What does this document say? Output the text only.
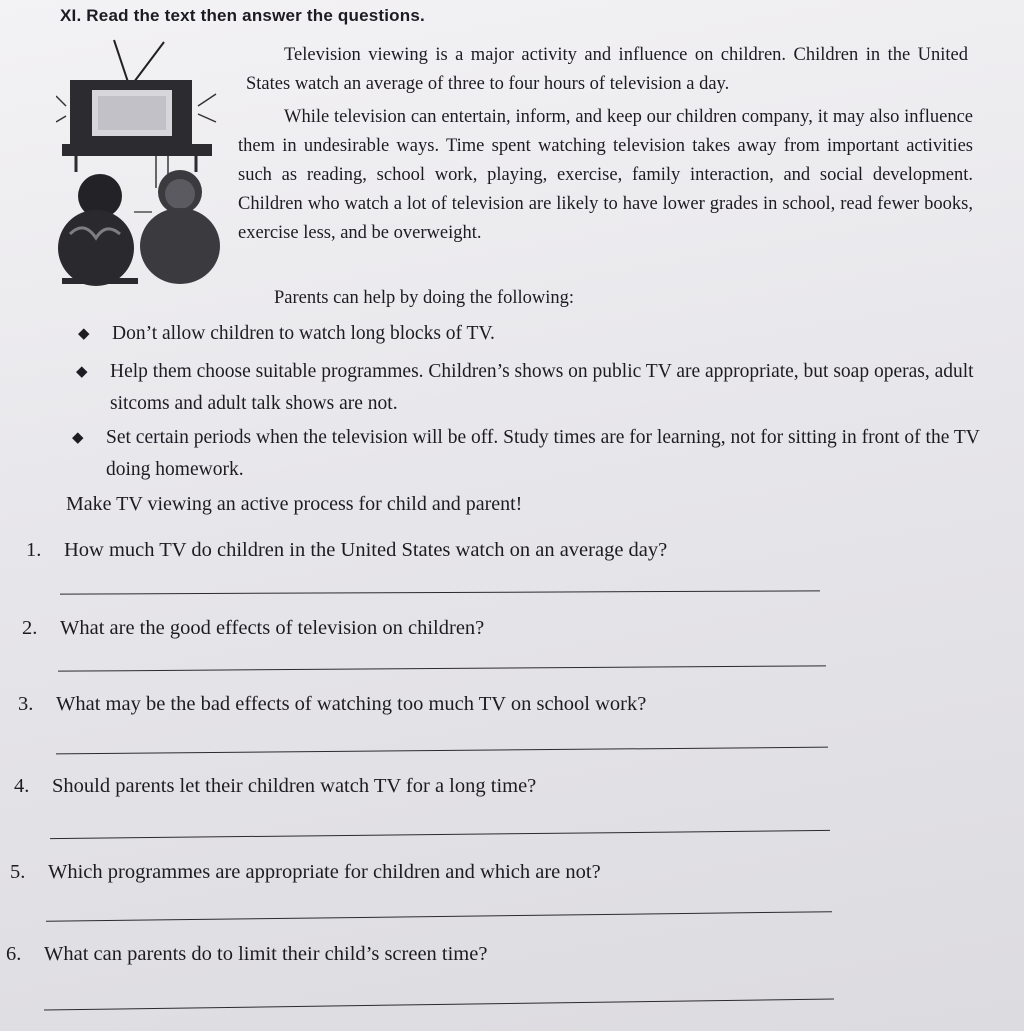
XI. Read the text then answer the questions.

Television viewing is a major activity and influence on children. Children in the United States watch an average of three to four hours of television a day.

While television can entertain, inform, and keep our children company, it may also influence them in undesirable ways. Time spent watching television takes away from important activities such as reading, school work, playing, exercise, family interaction, and social development. Children who watch a lot of television are likely to have lower grades in school, read fewer books, exercise less, and be overweight.

Parents can help by doing the following:

◆ Don’t allow children to watch long blocks of TV.
◆ Help them choose suitable programmes. Children’s shows on public TV are appropriate, but soap operas, adult sitcoms and adult talk shows are not.
◆ Set certain periods when the television will be off. Study times are for learning, not for sitting in front of the TV doing homework.
Make TV viewing an active process for child and parent!
1. How much TV do children in the United States watch on an average day?
2. What are the good effects of television on children?
3. What may be the bad effects of watching too much TV on school work?
4. Should parents let their children watch TV for a long time?
5. Which programmes are appropriate for children and which are not?
6. What can parents do to limit their child’s screen time?
